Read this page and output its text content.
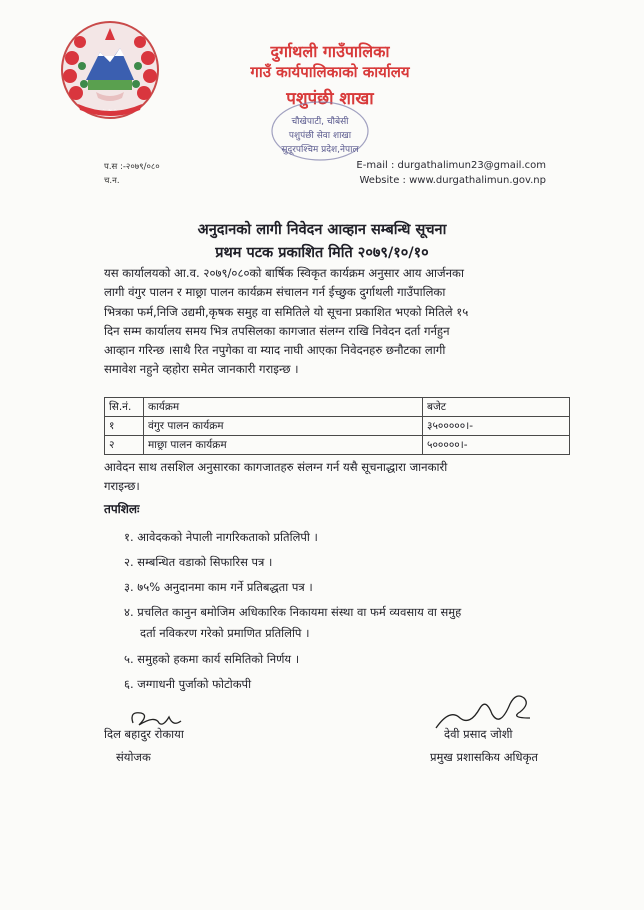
~ ~ ~
दुर्गाथली गाउँपालिका
गाउँ कार्यपालिकाको कार्यालय
पशुपंछी शाखा
चौखेपाटी, चौबेसी
पशुपंछी सेवा शाखा
सुदूरपश्चिम प्रदेश,नेपाल
प.स :-२०७९/०८०
च.न.
E-mail : durgathalimun23@gmail.com
Website : www.durgathalimun.gov.np
अनुदानको लागी निवेदन आव्हान सम्बन्धि सूचना
प्रथम पटक प्रकाशित मिति २०७९/१०/१०
यस कार्यालयको आ.व. २०७९/०८०को बार्षिक स्विकृत कार्यक्रम अनुसार आय आर्जनका
लागी वंगुर पालन र माछ्रा पालन कार्यक्रम संचालन गर्न ईच्छुक दुर्गाथली गाउँपालिका
भित्रका फर्म,निजि उद्यमी,कृषक समुह वा समितिले यो सूचना प्रकाशित भएको मितिले १५
दिन सम्म कार्यालय समय भित्र तपसिलका कागजात संलग्न राखि निवेदन दर्ता गर्नहुन
आव्हान गरिन्छ ।साथै रित नपुगेका वा म्याद नाघी आएका निवेदनहरु छनौटका लागी
समावेश नहुने व्हहोरा समेत जानकारी गराइन्छ ।
सि.नं.	कार्यक्रम	बजेट
१	वंगुर पालन कार्यक्रम	३५०००००।-
२	माछ्रा पालन कार्यक्रम	५०००००।-
आवेदन साथ तसशिल अनुसारका कागजातहरु संलग्न गर्न यसै सूचनाद्धारा जानकारी
गराइन्छ।
तपशिलः
१. आवेदकको नेपाली नागरिकताको प्रतिलिपी ।
२. सम्बन्धित वडाको सिफारिस पत्र ।
३. ७५% अनुदानमा काम गर्ने प्रतिबद्धता पत्र ।
४. प्रचलित कानुन बमोजिम अधिकारिक निकायमा संस्था वा फर्म व्यवसाय वा समुह
दर्ता नविकरण गरेको प्रमाणित प्रतिलिपि ।
५. समुहको हकमा कार्य समितिको निर्णय ।
६. जग्गाधनी पुर्जाको फोटोकपी
दिल बहादुर रोकाया
संयोजक
देवी प्रसाद जोशी
प्रमुख प्रशासकिय अधिकृत
